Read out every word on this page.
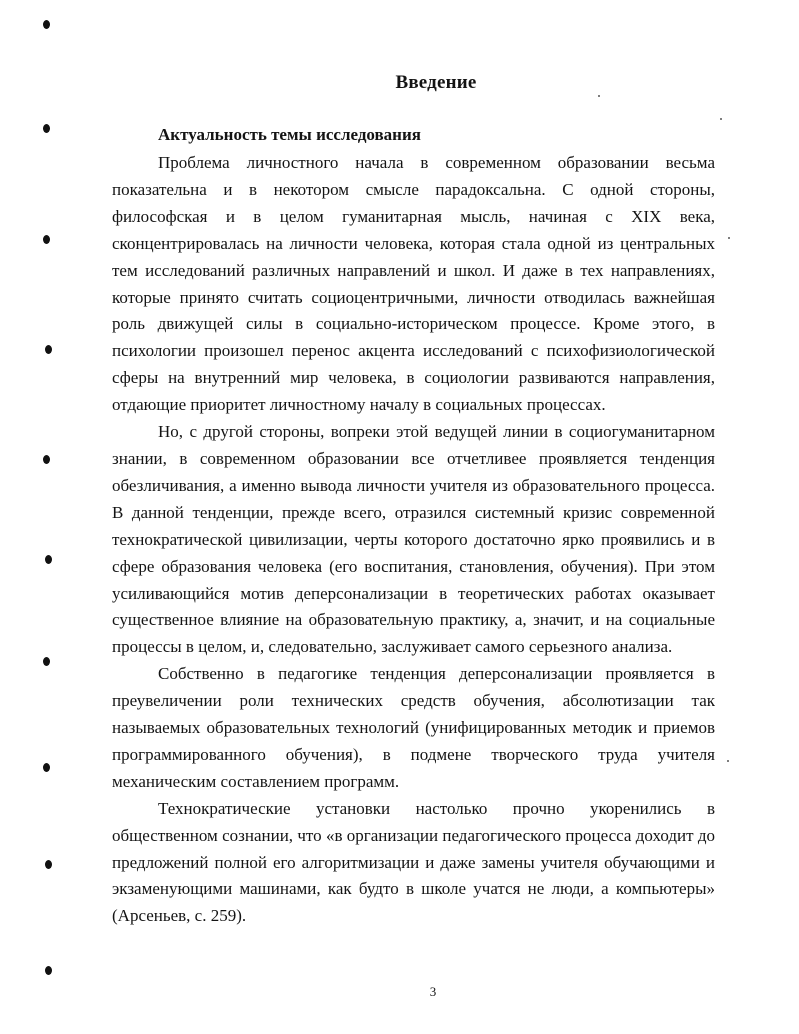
Введение
Актуальность темы исследования

Проблема личностного начала в современном образовании весьма показательна и в некотором смысле парадоксальна. С одной стороны, философская и в целом гуманитарная мысль, начиная с XIX века, сконцентрировалась на личности человека, которая стала одной из центральных тем исследований различных направлений и школ. И даже в тех направлениях, которые принято считать социоцентричными, личности отводилась важнейшая роль движущей силы в социально-историческом процессе. Кроме этого, в психологии произошел перенос акцента исследований с психофизиологической сферы на внутренний мир человека, в социологии развиваются направления, отдающие приоритет личностному началу в социальных процессах.

Но, с другой стороны, вопреки этой ведущей линии в социогуманитарном знании, в современном образовании все отчетливее проявляется тенденция обезличивания, а именно вывода личности учителя из образовательного процесса. В данной тенденции, прежде всего, отразился системный кризис современной технократической цивилизации, черты которого достаточно ярко проявились и в сфере образования человека (его воспитания, становления, обучения). При этом усиливающийся мотив деперсонализации в теоретических работах оказывает существенное влияние на образовательную практику, а, значит, и на социальные процессы в целом, и, следовательно, заслуживает самого серьезного анализа.

Собственно в педагогике тенденция деперсонализации проявляется в преувеличении роли технических средств обучения, абсолютизации так называемых образовательных технологий (унифицированных методик и приемов программированного обучения), в подмене творческого труда учителя механическим составлением программ.

Технократические установки настолько прочно укоренились в общественном сознании, что «в организации педагогического процесса доходит до предложений полной его алгоритмизации и даже замены учителя обучающими и экзаменующими машинами, как будто в школе учатся не люди, а компьютеры» (Арсеньев, с. 259).

3
